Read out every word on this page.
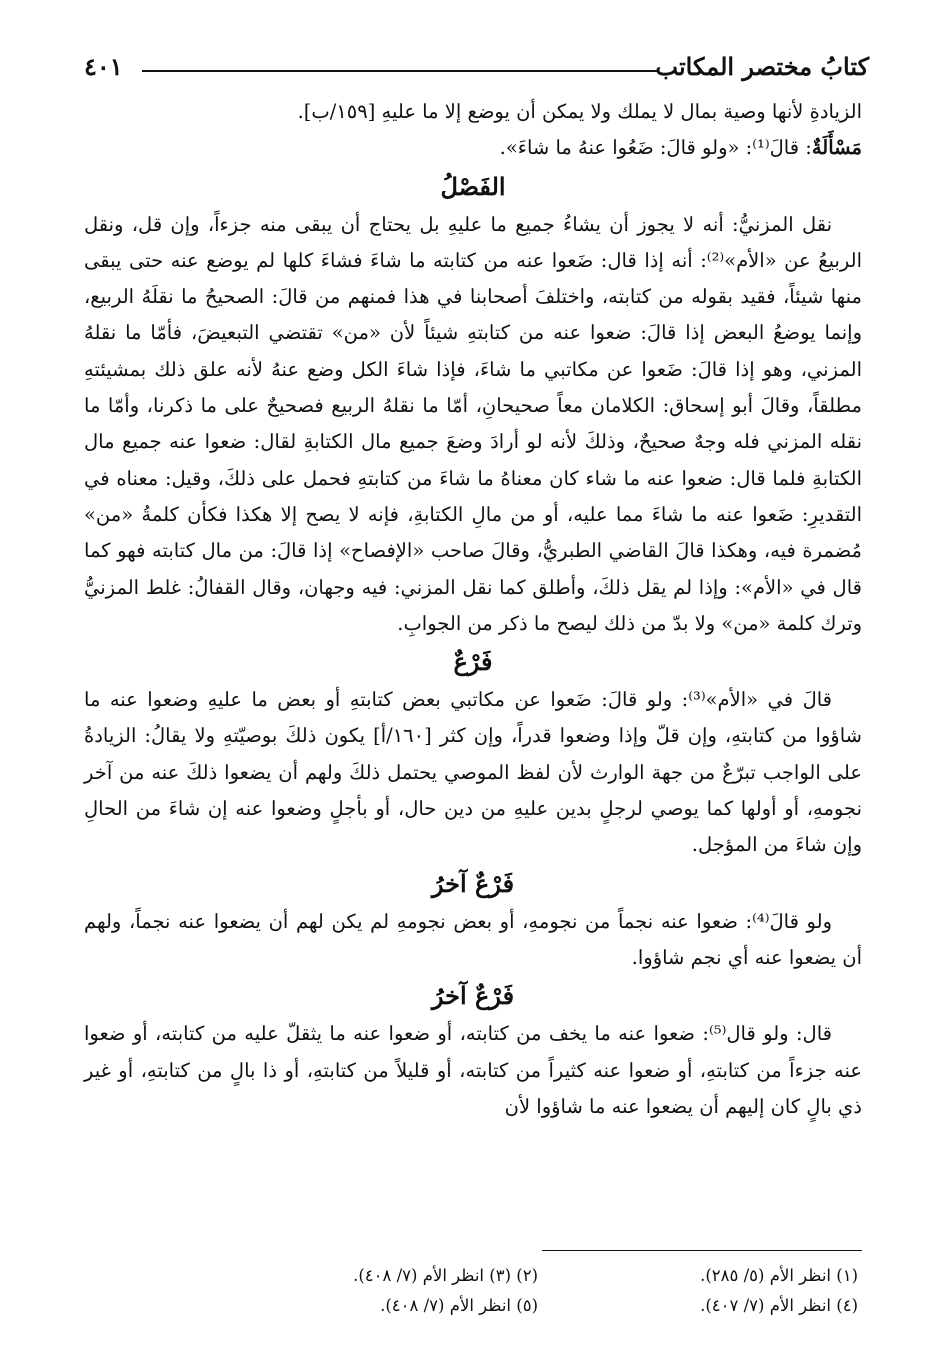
كتابُ مختصر المكاتب
٤٠١

الزيادةِ لأنها وصية بمال لا يملك ولا يمكن أن يوضع إلا ما عليهِ [١٥٩/ب].

مَسْأَلَةٌ: قالَ⁽¹⁾: «ولو قالَ: ضَعُوا عنهُ ما شاءَ».

الفَصْلُ

نقل المزنيُّ: أنه لا يجوز أن يشاءُ جميع ما عليهِ بل يحتاج أن يبقى منه جزءاً، وإن قل، ونقل الربيعُ عن «الأم»⁽²⁾: أنه إذا قال: ضَعوا عنه من كتابته ما شاءَ فشاءَ كلها لم يوضع عنه حتى يبقى منها شيئاً، فقيد بقوله من كتابته، واختلفَ أصحابنا في هذا فمنهم من قالَ: الصحيحُ ما نقلَهُ الربيع، وإنما يوضعُ البعض إذا قالَ: ضعوا عنه من كتابتهِ شيئاً لأن «من» تقتضي التبعيضَ، فأمّا ما نقلهُ المزني، وهو إذا قالَ: ضَعوا عن مكاتبي ما شاءَ، فإذا شاءَ الكل وضع عنهُ لأنه علق ذلك بمشيئتهِ مطلقاً، وقالَ أبو إسحاق: الكلامان معاً صحيحانِ، أمّا ما نقلهُ الربيع فصحيحٌ على ما ذكرنا، وأمّا ما نقله المزني فله وجهٌ صحيحٌ، وذلكَ لأنه لو أرادَ وضعَ جميع مال الكتابةِ لقال: ضعوا عنه جميع مال الكتابةِ فلما قال: ضعوا عنه ما شاء كان معناهُ ما شاءَ من كتابتهِ فحمل على ذلكَ، وقيل: معناه في التقديرِ: ضَعوا عنه ما شاءَ مما عليه، أو من مالِ الكتابةِ، فإنه لا يصح إلا هكذا فكأن كلمةُ «من» مُضمرة فيه، وهكذا قالَ القاضي الطبريُّ، وقالَ صاحب «الإفصاح» إذا قالَ: من مال كتابته فهو كما قال في «الأم»: وإذا لم يقل ذلكَ، وأطلق كما نقل المزني: فيه وجهان، وقال القفالُ: غلط المزنيُّ وترك كلمة «من» ولا بدّ من ذلك ليصح ما ذكر من الجوابِ.

فَرْعٌ

قالَ في «الأم»⁽³⁾: ولو قالَ: ضَعوا عن مكاتبي بعض كتابتهِ أو بعض ما عليهِ وضعوا عنه ما شاؤوا من كتابتهِ، وإن قلّ وإذا وضعوا قدراً، وإن كثر [١٦٠/أ] يكون ذلكَ بوصيّتهِ ولا يقالُ: الزيادةُ على الواجب تبرّعٌ من جهة الوارث لأن لفظ الموصي يحتمل ذلكَ ولهم أن يضعوا ذلكَ عنه من آخر نجومهِ، أو أولها كما يوصي لرجلٍ بدين عليهِ من دين حال، أو بأجلٍ وضعوا عنه إن شاءَ من الحالِ وإن شاءَ من المؤجل.

فَرْعٌ آخرُ

ولو قالَ⁽⁴⁾: ضعوا عنه نجماً من نجومهِ، أو بعض نجومهِ لم يكن لهم أن يضعوا عنه نجماً، ولهم أن يضعوا عنه أي نجم شاؤوا.

فَرْعٌ آخرُ

قال: ولو قال⁽⁵⁾: ضعوا عنه ما يخف من كتابته، أو ضعوا عنه ما يثقلّ عليه من كتابته، أو ضعوا عنه جزءاً من كتابتهِ، أو ضعوا عنه كثيراً من كتابته، أو قليلاً من كتابتهِ، أو ذا بالٍ من كتابتهِ، أو غير ذي بالٍ كان إليهم أن يضعوا عنه ما شاؤوا لأن

(١) انظر الأم (٥/ ٢٨٥).
(٢) (٣) انظر الأم (٧/ ٤٠٨).
(٤) انظر الأم (٧/ ٤٠٧).
(٥) انظر الأم (٧/ ٤٠٨).
